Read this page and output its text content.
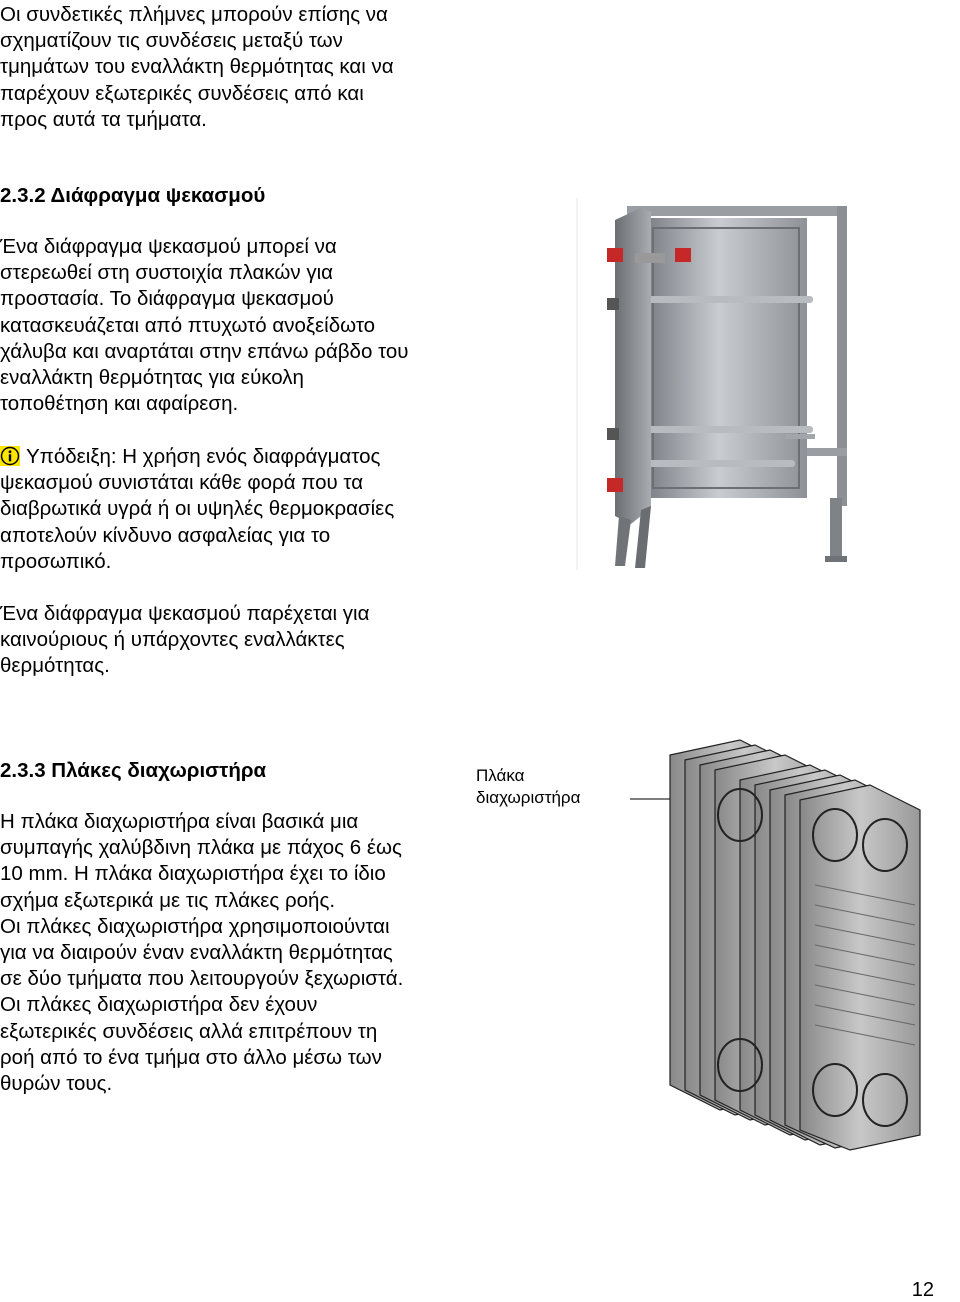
Οι συνδετικές πλήμνες μπορούν επίσης να
σχηματίζουν τις συνδέσεις μεταξύ των
τμημάτων του εναλλάκτη θερμότητας και να
παρέχουν εξωτερικές συνδέσεις από και
προς αυτά τα τμήματα.
2.3.2 Διάφραγμα ψεκασμού
Ένα διάφραγμα ψεκασμού μπορεί να
στερεωθεί στη συστοιχία πλακών για
προστασία. Το διάφραγμα ψεκασμού
κατασκευάζεται από πτυχωτό ανοξείδωτο
χάλυβα και αναρτάται στην επάνω ράβδο του
εναλλάκτη θερμότητας για εύκολη
τοποθέτηση και αφαίρεση.
Υπόδειξη: Η χρήση ενός διαφράγματος
ψεκασμού συνιστάται κάθε φορά που τα
διαβρωτικά υγρά ή οι υψηλές θερμοκρασίες
αποτελούν κίνδυνο ασφαλείας για το
προσωπικό.
Ένα διάφραγμα ψεκασμού παρέχεται για
καινούριους ή υπάρχοντες εναλλάκτες
θερμότητας.
2.3.3 Πλάκες διαχωριστήρα
Η πλάκα διαχωριστήρα είναι βασικά μια
συμπαγής χαλύβδινη πλάκα με πάχος 6 έως
10 mm. Η πλάκα διαχωριστήρα έχει το ίδιο
σχήμα εξωτερικά με τις πλάκες ροής.
Οι πλάκες διαχωριστήρα χρησιμοποιούνται
για να διαιρούν έναν εναλλάκτη θερμότητας
σε δύο τμήματα που λειτουργούν ξεχωριστά.
Οι πλάκες διαχωριστήρα δεν έχουν
εξωτερικές συνδέσεις αλλά επιτρέπουν τη
ροή από το ένα τμήμα στο άλλο μέσω των
θυρών τους.
Πλάκα
διαχωριστήρα
12
